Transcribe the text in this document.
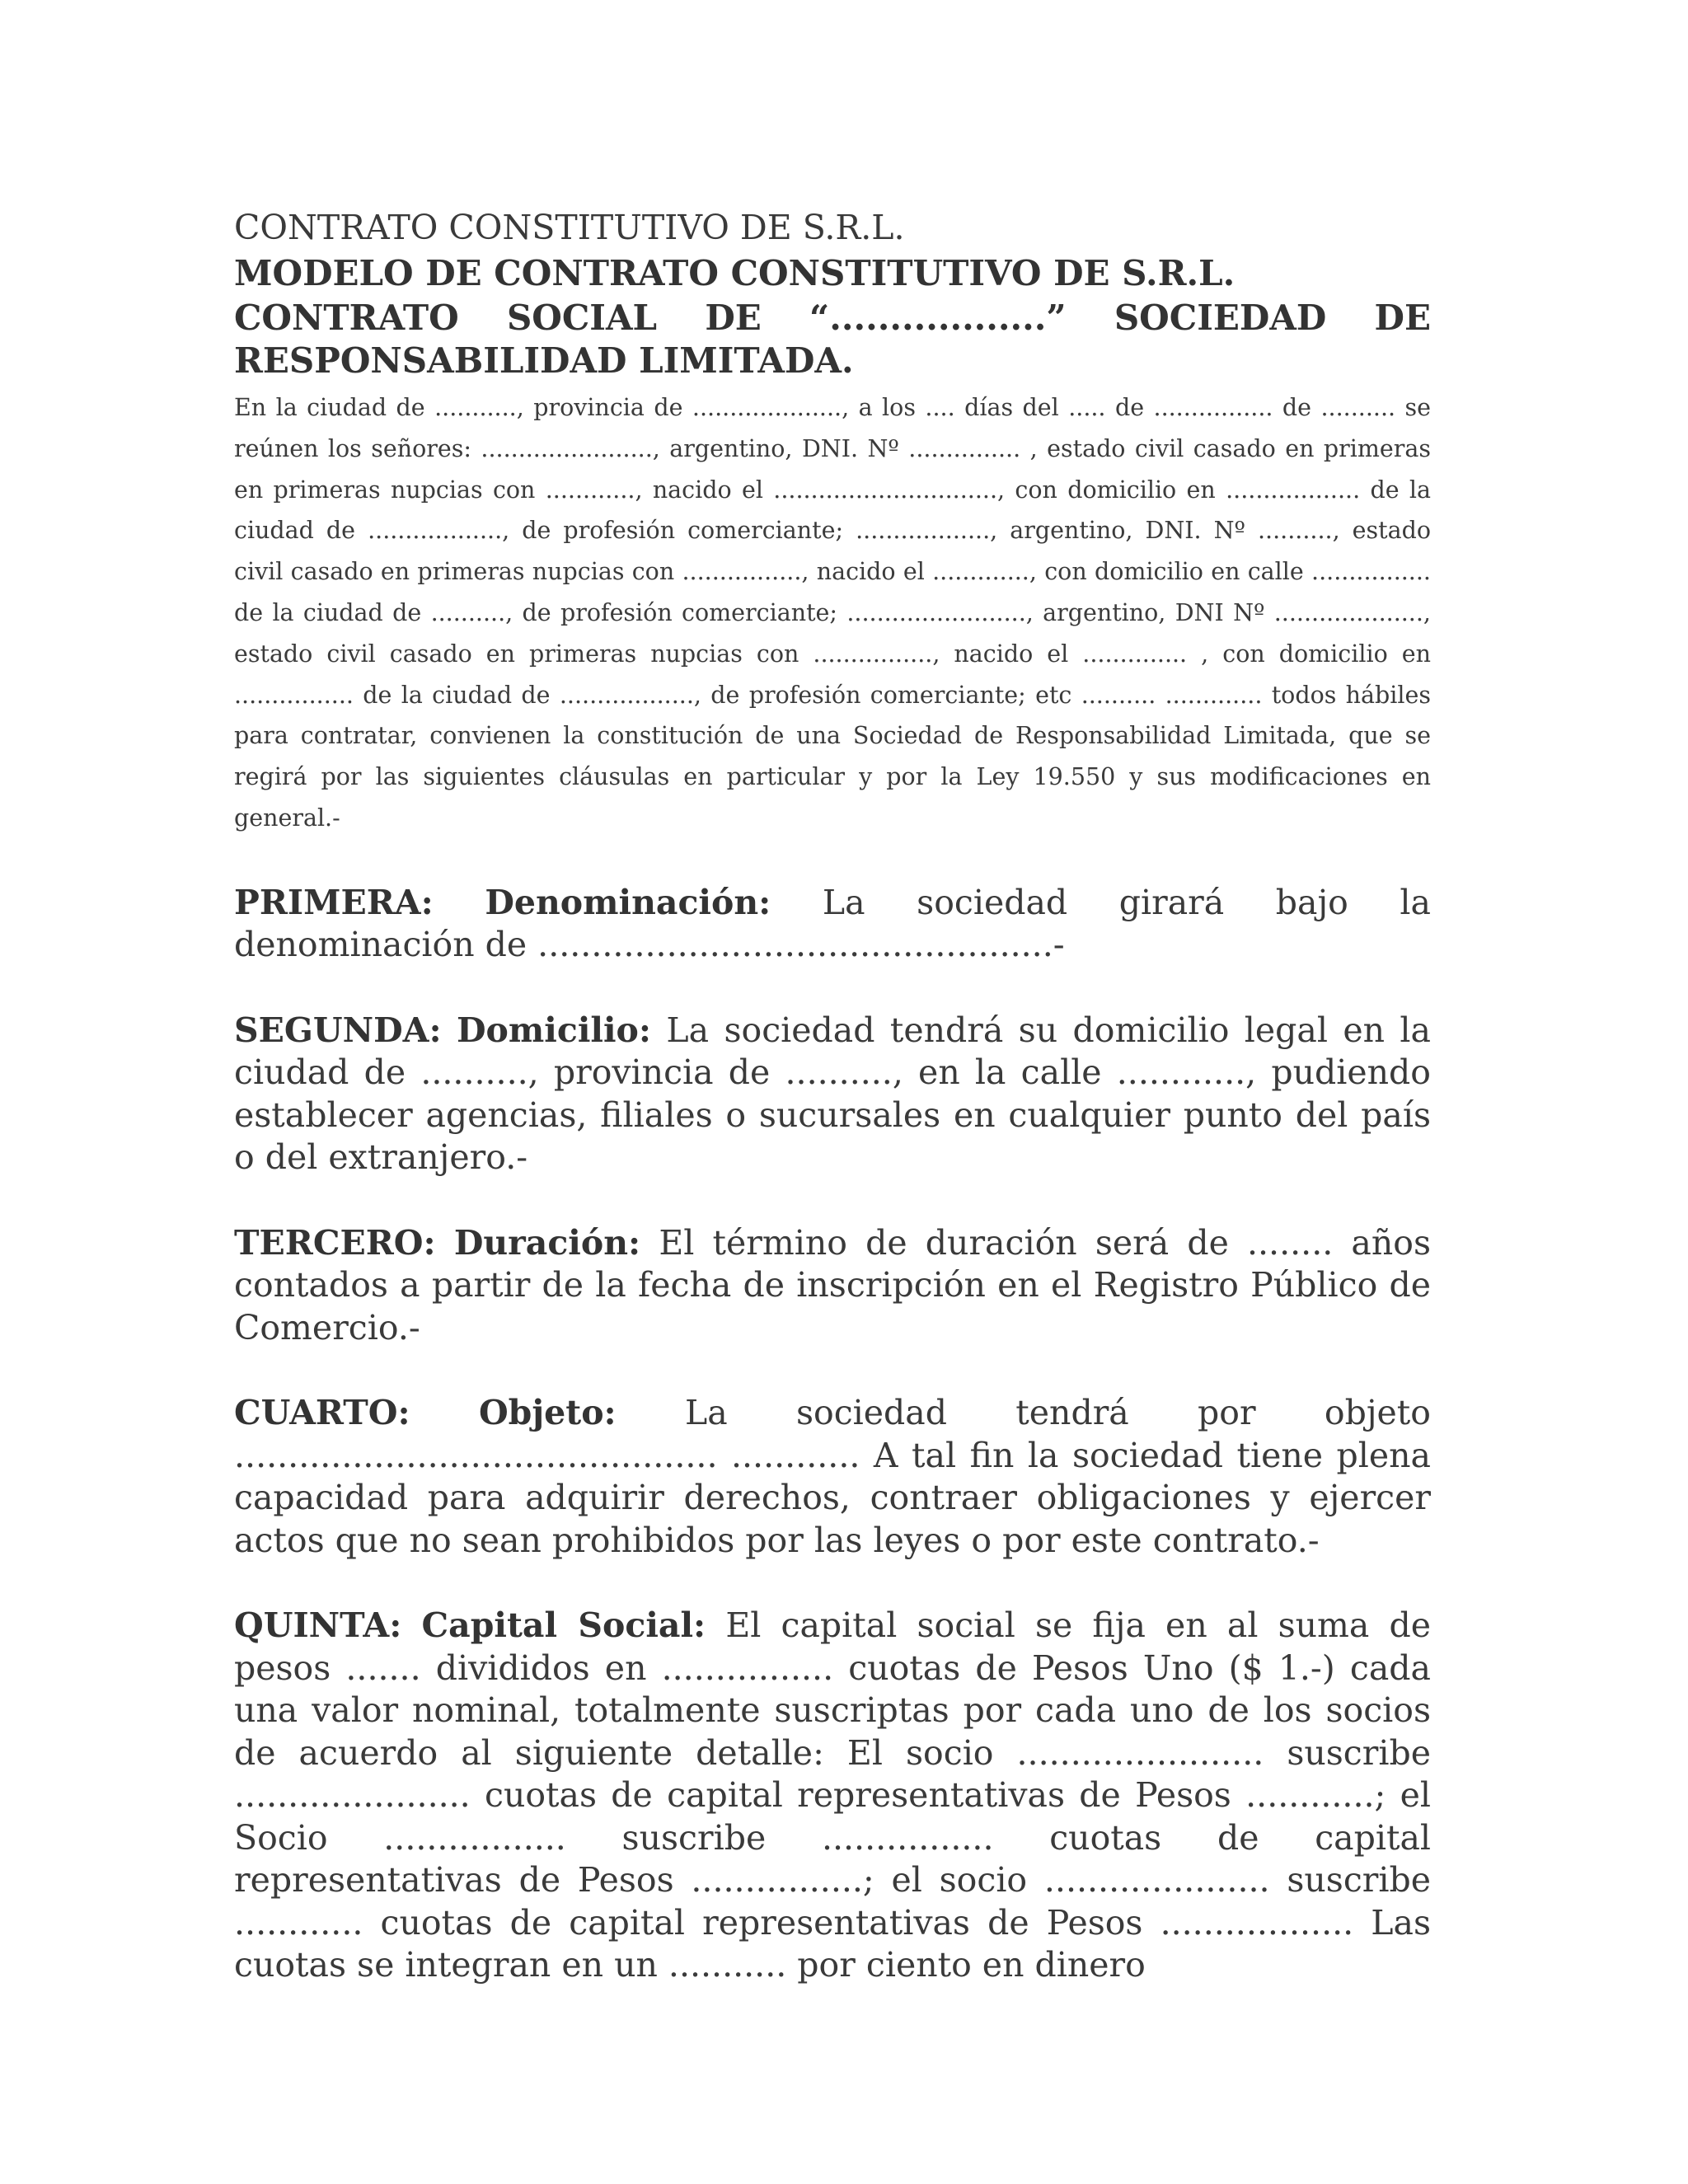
CONTRATO CONSTITUTIVO DE S.R.L.

MODELO DE CONTRATO CONSTITUTIVO DE S.R.L.

CONTRATO SOCIAL DE “..................” SOCIEDAD DE

RESPONSABILIDAD LIMITADA.

En la ciudad de ..........., provincia de ...................., a los .... días del ..... de ................ de .......... se reúnen los señores: ......................., argentino, DNI. Nº ............... , estado civil casado en primeras en primeras nupcias con ............, nacido el .............................., con domicilio en .................. de la ciudad de .................., de profesión comerciante; .................., argentino, DNI. Nº .........., estado civil casado en primeras nupcias con ................, nacido el ............., con domicilio en calle ................ de la ciudad de .........., de profesión comerciante; ........................, argentino, DNI Nº ...................., estado civil casado en primeras nupcias con ................, nacido el .............. , con domicilio en ................ de la ciudad de .................., de profesión comerciante; etc .......... ............. todos hábiles para contratar, convienen la constitución de una Sociedad de Responsabilidad Limitada, que se regirá por las siguientes cláusulas en particular y por la Ley 19.550 y sus modificaciones en general.-

PRIMERA: Denominación: La sociedad girará bajo la denominación de ................................................-

SEGUNDA: Domicilio: La sociedad tendrá su domicilio legal en la ciudad de .........., provincia de .........., en la calle ............, pudiendo establecer agencias, filiales o sucursales en cualquier punto del país o del extranjero.-

TERCERO: Duración: El término de duración será de ........ años contados a partir de la fecha de inscripción en el Registro Público de Comercio.-

CUARTO: Objeto: La sociedad tendrá por objeto
............................................. ............ A tal fin la sociedad tiene plena capacidad para adquirir derechos, contraer obligaciones y ejercer actos que no sean prohibidos por las leyes o por este contrato.-

QUINTA: Capital Social: El capital social se fija en al suma de pesos ....... divididos en ................ cuotas de Pesos Uno ($ 1.-) cada una valor nominal, totalmente suscriptas por cada uno de los socios de acuerdo al siguiente detalle: El socio ....................... suscribe ...................... cuotas de capital representativas de Pesos ............; el Socio ................. suscribe ................ cuotas de capital representativas de Pesos ................; el socio ..................... suscribe ............ cuotas de capital representativas de Pesos .................. Las cuotas se integran en un ........... por ciento en dinero
